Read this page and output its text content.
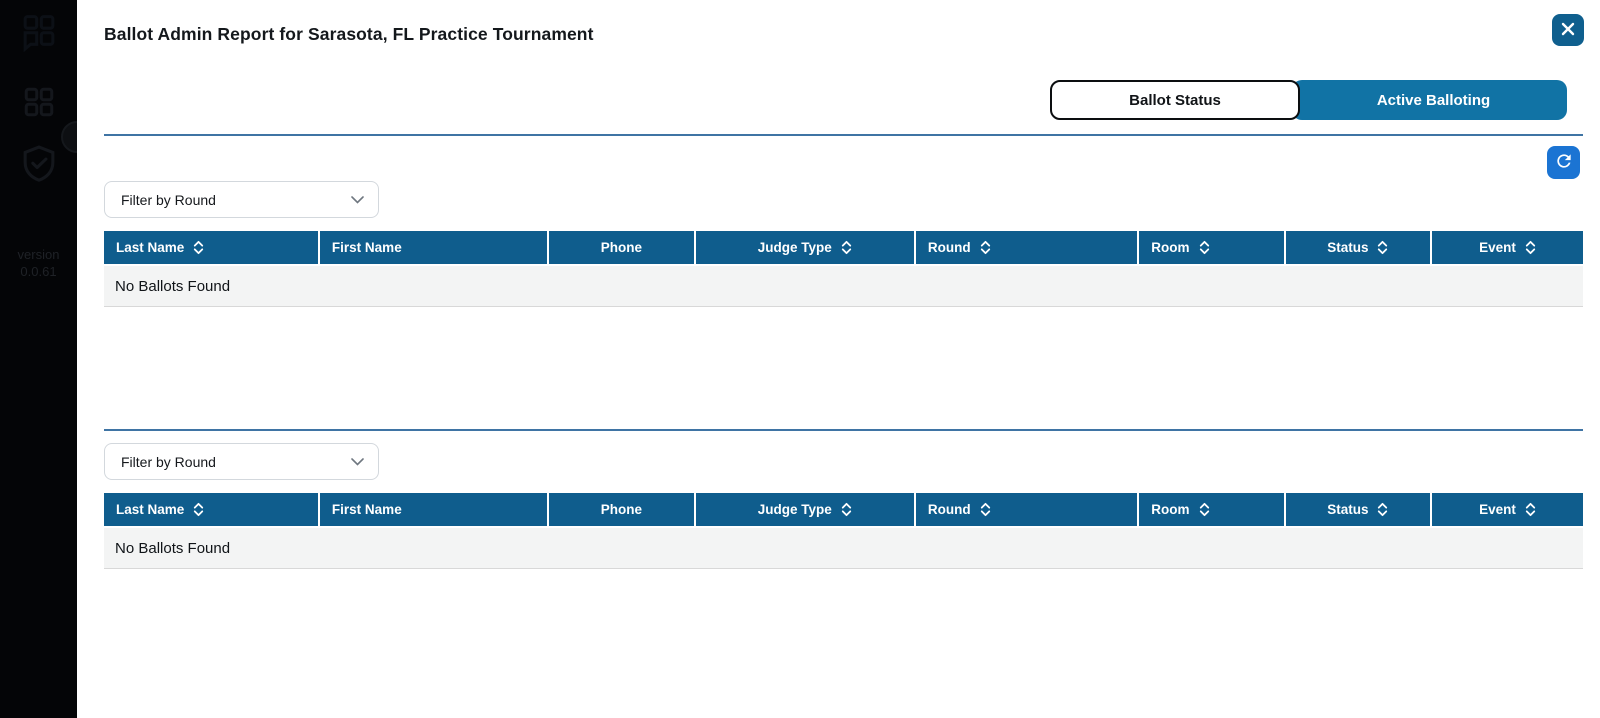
version
0.0.61
Ballot Admin Report for Sarasota, FL Practice Tournament
Ballot Status	Active Balloting
Filter by Round
Last Name	First Name	Phone	Judge Type	Round	Room	Status	Event
No Ballots Found
Filter by Round
Last Name	First Name	Phone	Judge Type	Round	Room	Status	Event
No Ballots Found
